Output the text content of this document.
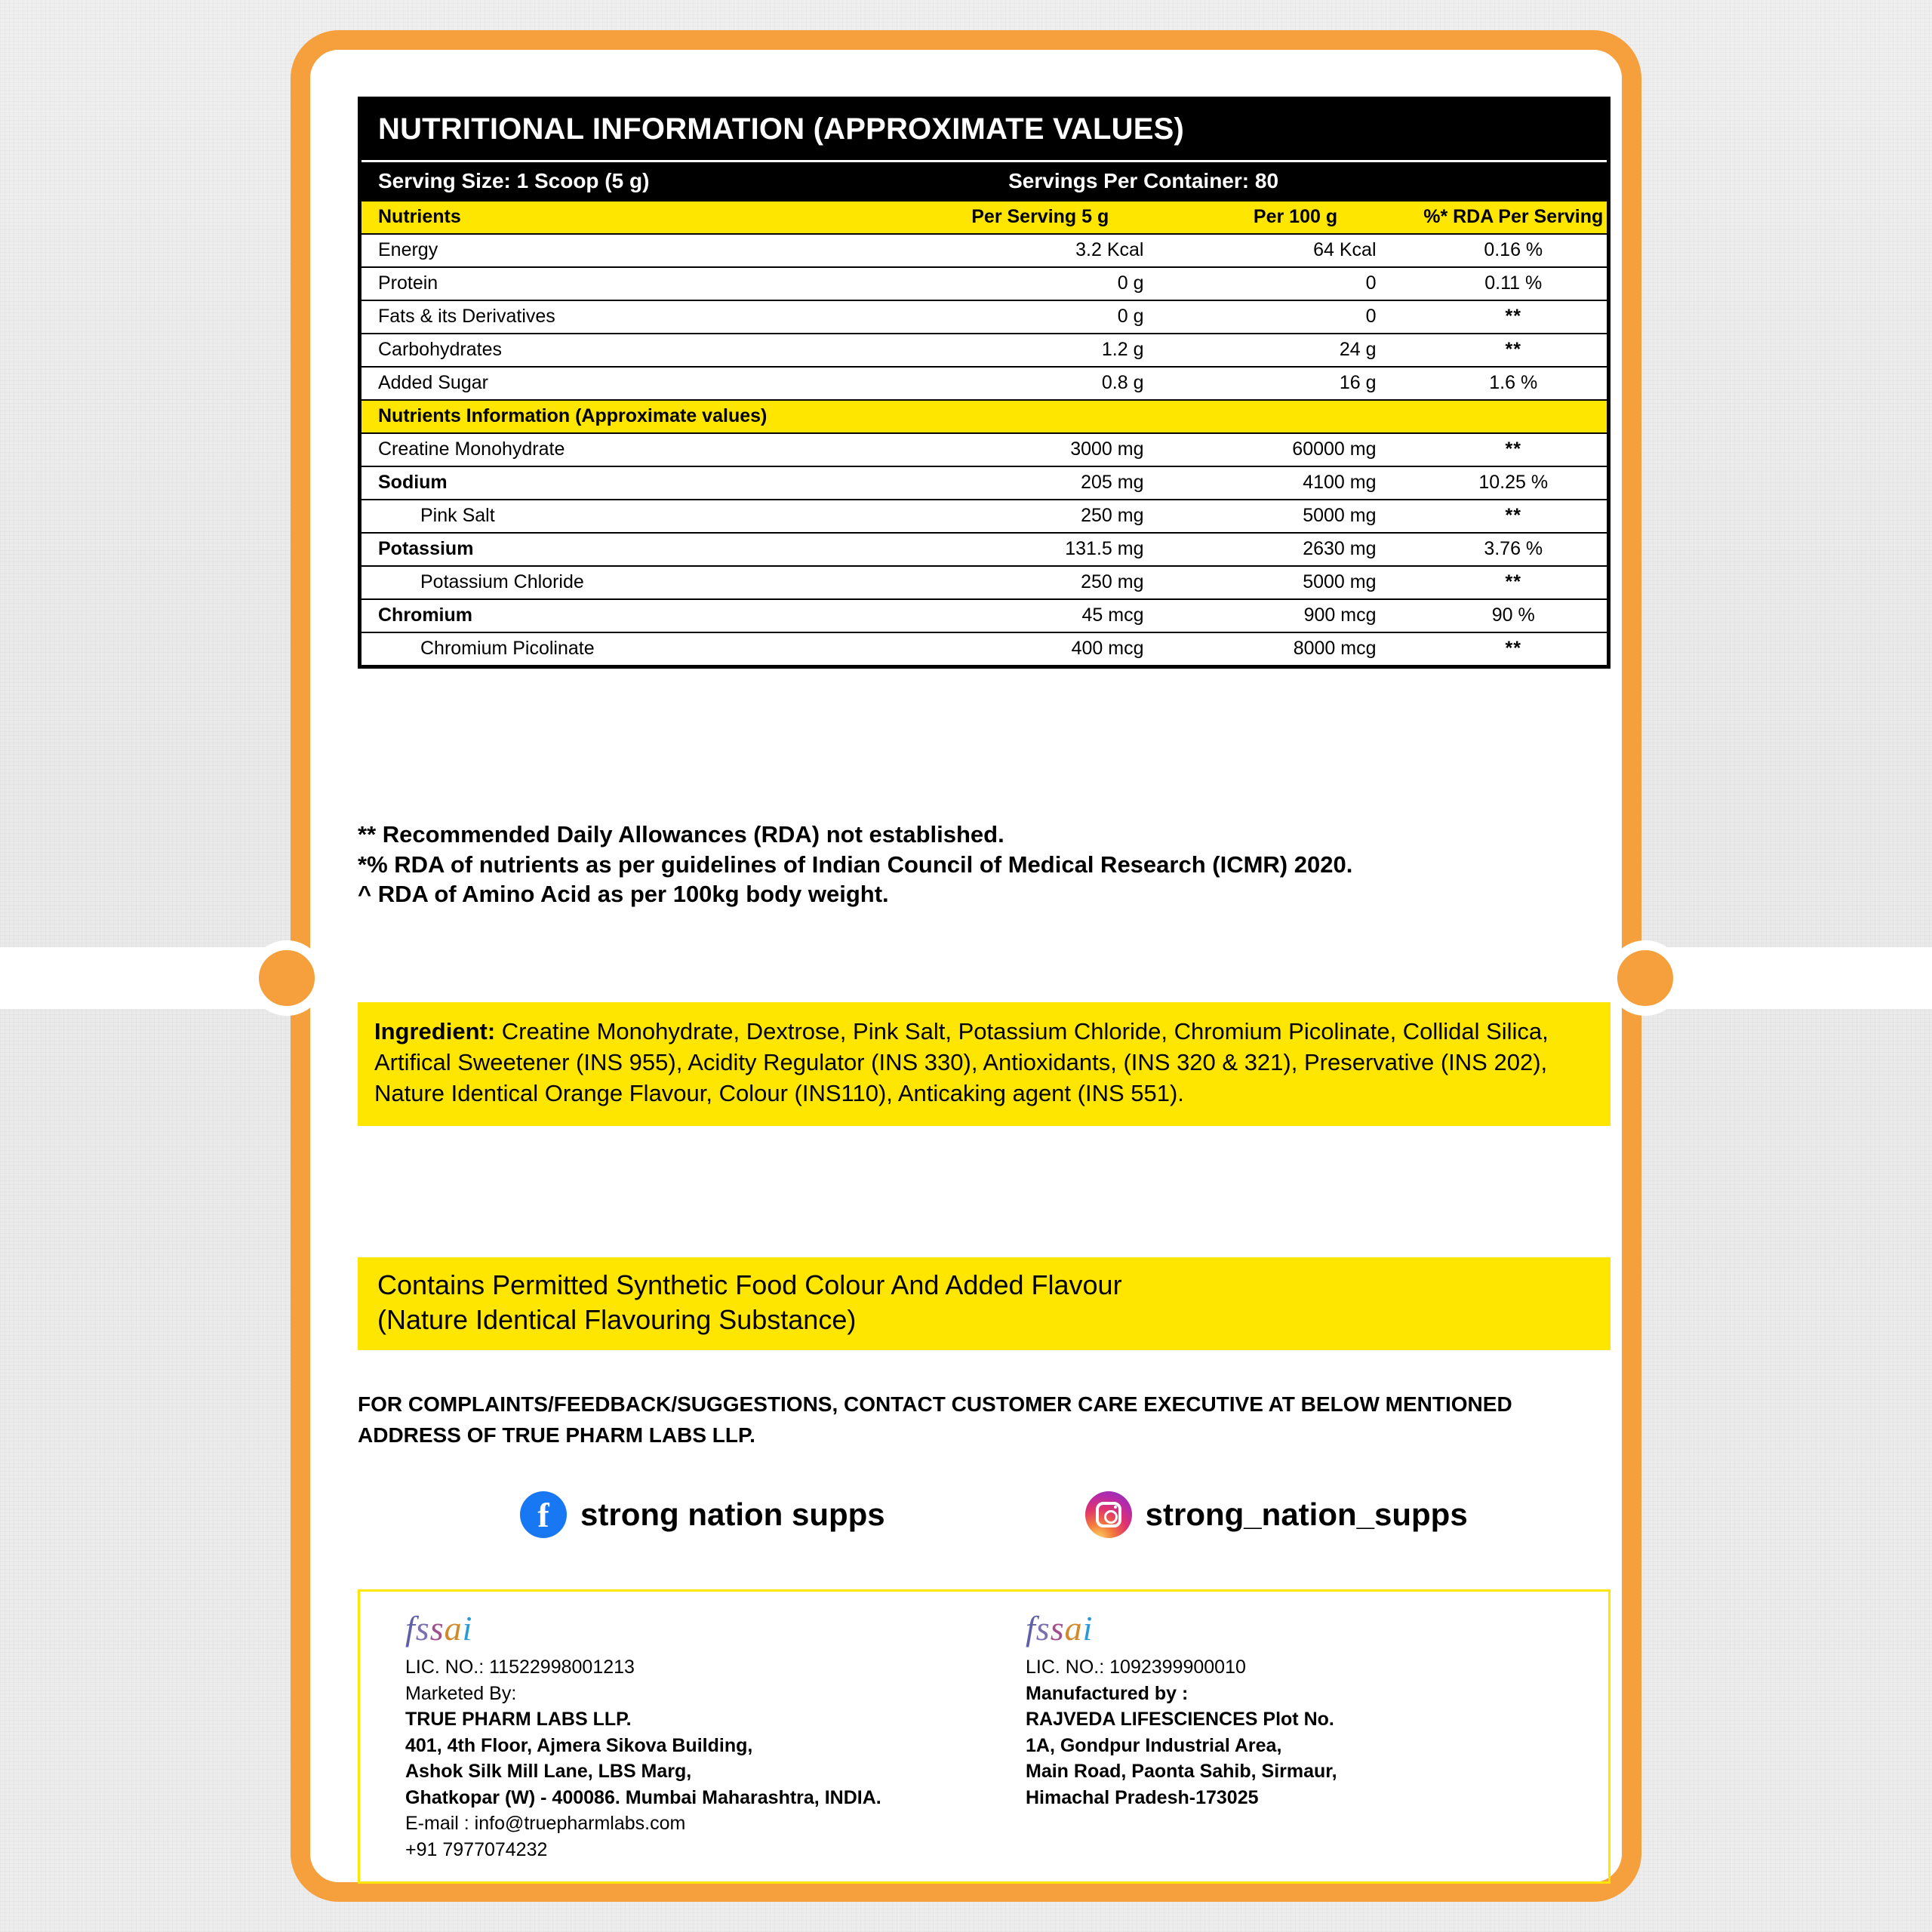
NUTRITIONAL INFORMATION (APPROXIMATE VALUES)
Serving Size: 1 Scoop (5 g)	Servings Per Container: 80
Nutrients	Per Serving 5 g	Per 100 g	%* RDA Per Serving
Energy	3.2 Kcal	64 Kcal	0.16 %
Protein	0 g	0	0.11 %
Fats & its Derivatives	0 g	0	**
Carbohydrates	1.2 g	24 g	**
Added Sugar	0.8 g	16 g	1.6 %
Nutrients Information (Approximate values)			
Creatine Monohydrate	3000 mg	60000 mg	**
Sodium	205 mg	4100 mg	10.25 %
Pink Salt	250 mg	5000 mg	**
Potassium	131.5 mg	2630 mg	3.76 %
Potassium Chloride	250 mg	5000 mg	**
Chromium	45 mcg	900 mcg	90 %
Chromium Picolinate	400 mcg	8000 mcg	**
** Recommended Daily Allowances (RDA) not established.
*% RDA of nutrients as per guidelines of Indian Council of Medical Research (ICMR) 2020.
^ RDA of Amino Acid as per 100kg body weight.
Ingredient: Creatine Monohydrate, Dextrose, Pink Salt, Potassium Chloride, Chromium Picolinate, Collidal Silica, Artifical Sweetener (INS 955), Acidity Regulator (INS 330), Antioxidants, (INS 320 & 321), Preservative (INS 202), Nature Identical Orange Flavour, Colour (INS110), Anticaking agent (INS 551).
Contains Permitted Synthetic Food Colour And Added Flavour
(Nature Identical Flavouring Substance)
FOR COMPLAINTS/FEEDBACK/SUGGESTIONS, CONTACT CUSTOMER CARE EXECUTIVE AT BELOW MENTIONED ADDRESS OF TRUE PHARM LABS LLP.
f strong nation supps	strong_nation_supps
fssai
LIC. NO.: 11522998001213
Marketed By:
TRUE PHARM LABS LLP.
401, 4th Floor, Ajmera Sikova Building,
Ashok Silk Mill Lane, LBS Marg,
Ghatkopar (W) - 400086. Mumbai Maharashtra, INDIA.
E-mail : info@truepharmlabs.com
+91 7977074232
fssai
LIC. NO.: 1092399900010
Manufactured by :
RAJVEDA LIFESCIENCES Plot No.
1A, Gondpur Industrial Area,
Main Road, Paonta Sahib, Sirmaur,
Himachal Pradesh-173025
